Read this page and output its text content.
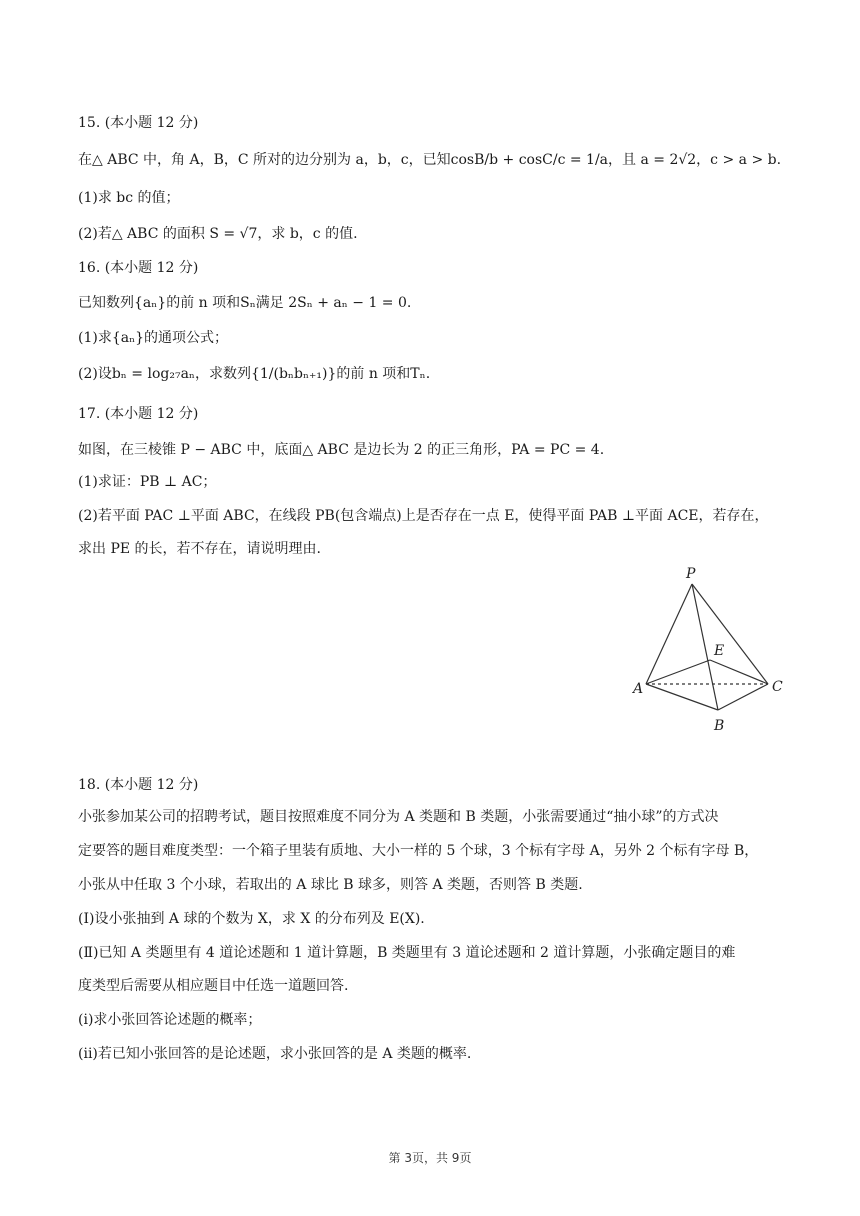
15. (本小题 12 分)
在△ ABC 中，角 A，B，C 所对的边分别为 a，b，c，已知cosB/b + cosC/c = 1/a，且 a = 2√2，c > a > b.
(1)求 bc 的值；
(2)若△ ABC 的面积 S = √7，求 b，c 的值.
16. (本小题 12 分)
已知数列{aₙ}的前 n 项和Sₙ满足 2Sₙ + aₙ − 1 = 0.
(1)求{aₙ}的通项公式；
(2)设bₙ = log₂₇aₙ，求数列{1/(bₙbₙ₊₁)}的前 n 项和Tₙ.
17. (本小题 12 分)
如图，在三棱锥 P − ABC 中，底面△ ABC 是边长为 2 的正三角形，PA = PC = 4.
(1)求证：PB ⊥ AC；
(2)若平面 PAC ⊥平面 ABC，在线段 PB(包含端点)上是否存在一点 E，使得平面 PAB ⊥平面 ACE，若存在，
求出 PE 的长，若不存在，请说明理由.
P
E
A	C
B
18. (本小题 12 分)
小张参加某公司的招聘考试，题目按照难度不同分为 A 类题和 B 类题，小张需要通过“抽小球”的方式决
定要答的题目难度类型：一个箱子里装有质地、大小一样的 5 个球，3 个标有字母 A，另外 2 个标有字母 B，
小张从中任取 3 个小球，若取出的 A 球比 B 球多，则答 A 类题，否则答 B 类题.
(Ⅰ)设小张抽到 A 球的个数为 X，求 X 的分布列及 E(X).
(Ⅱ)已知 A 类题里有 4 道论述题和 1 道计算题，B 类题里有 3 道论述题和 2 道计算题，小张确定题目的难
度类型后需要从相应题目中任选一道题回答.
(i)求小张回答论述题的概率；
(ii)若已知小张回答的是论述题，求小张回答的是 A 类题的概率.
第 3页，共 9页
